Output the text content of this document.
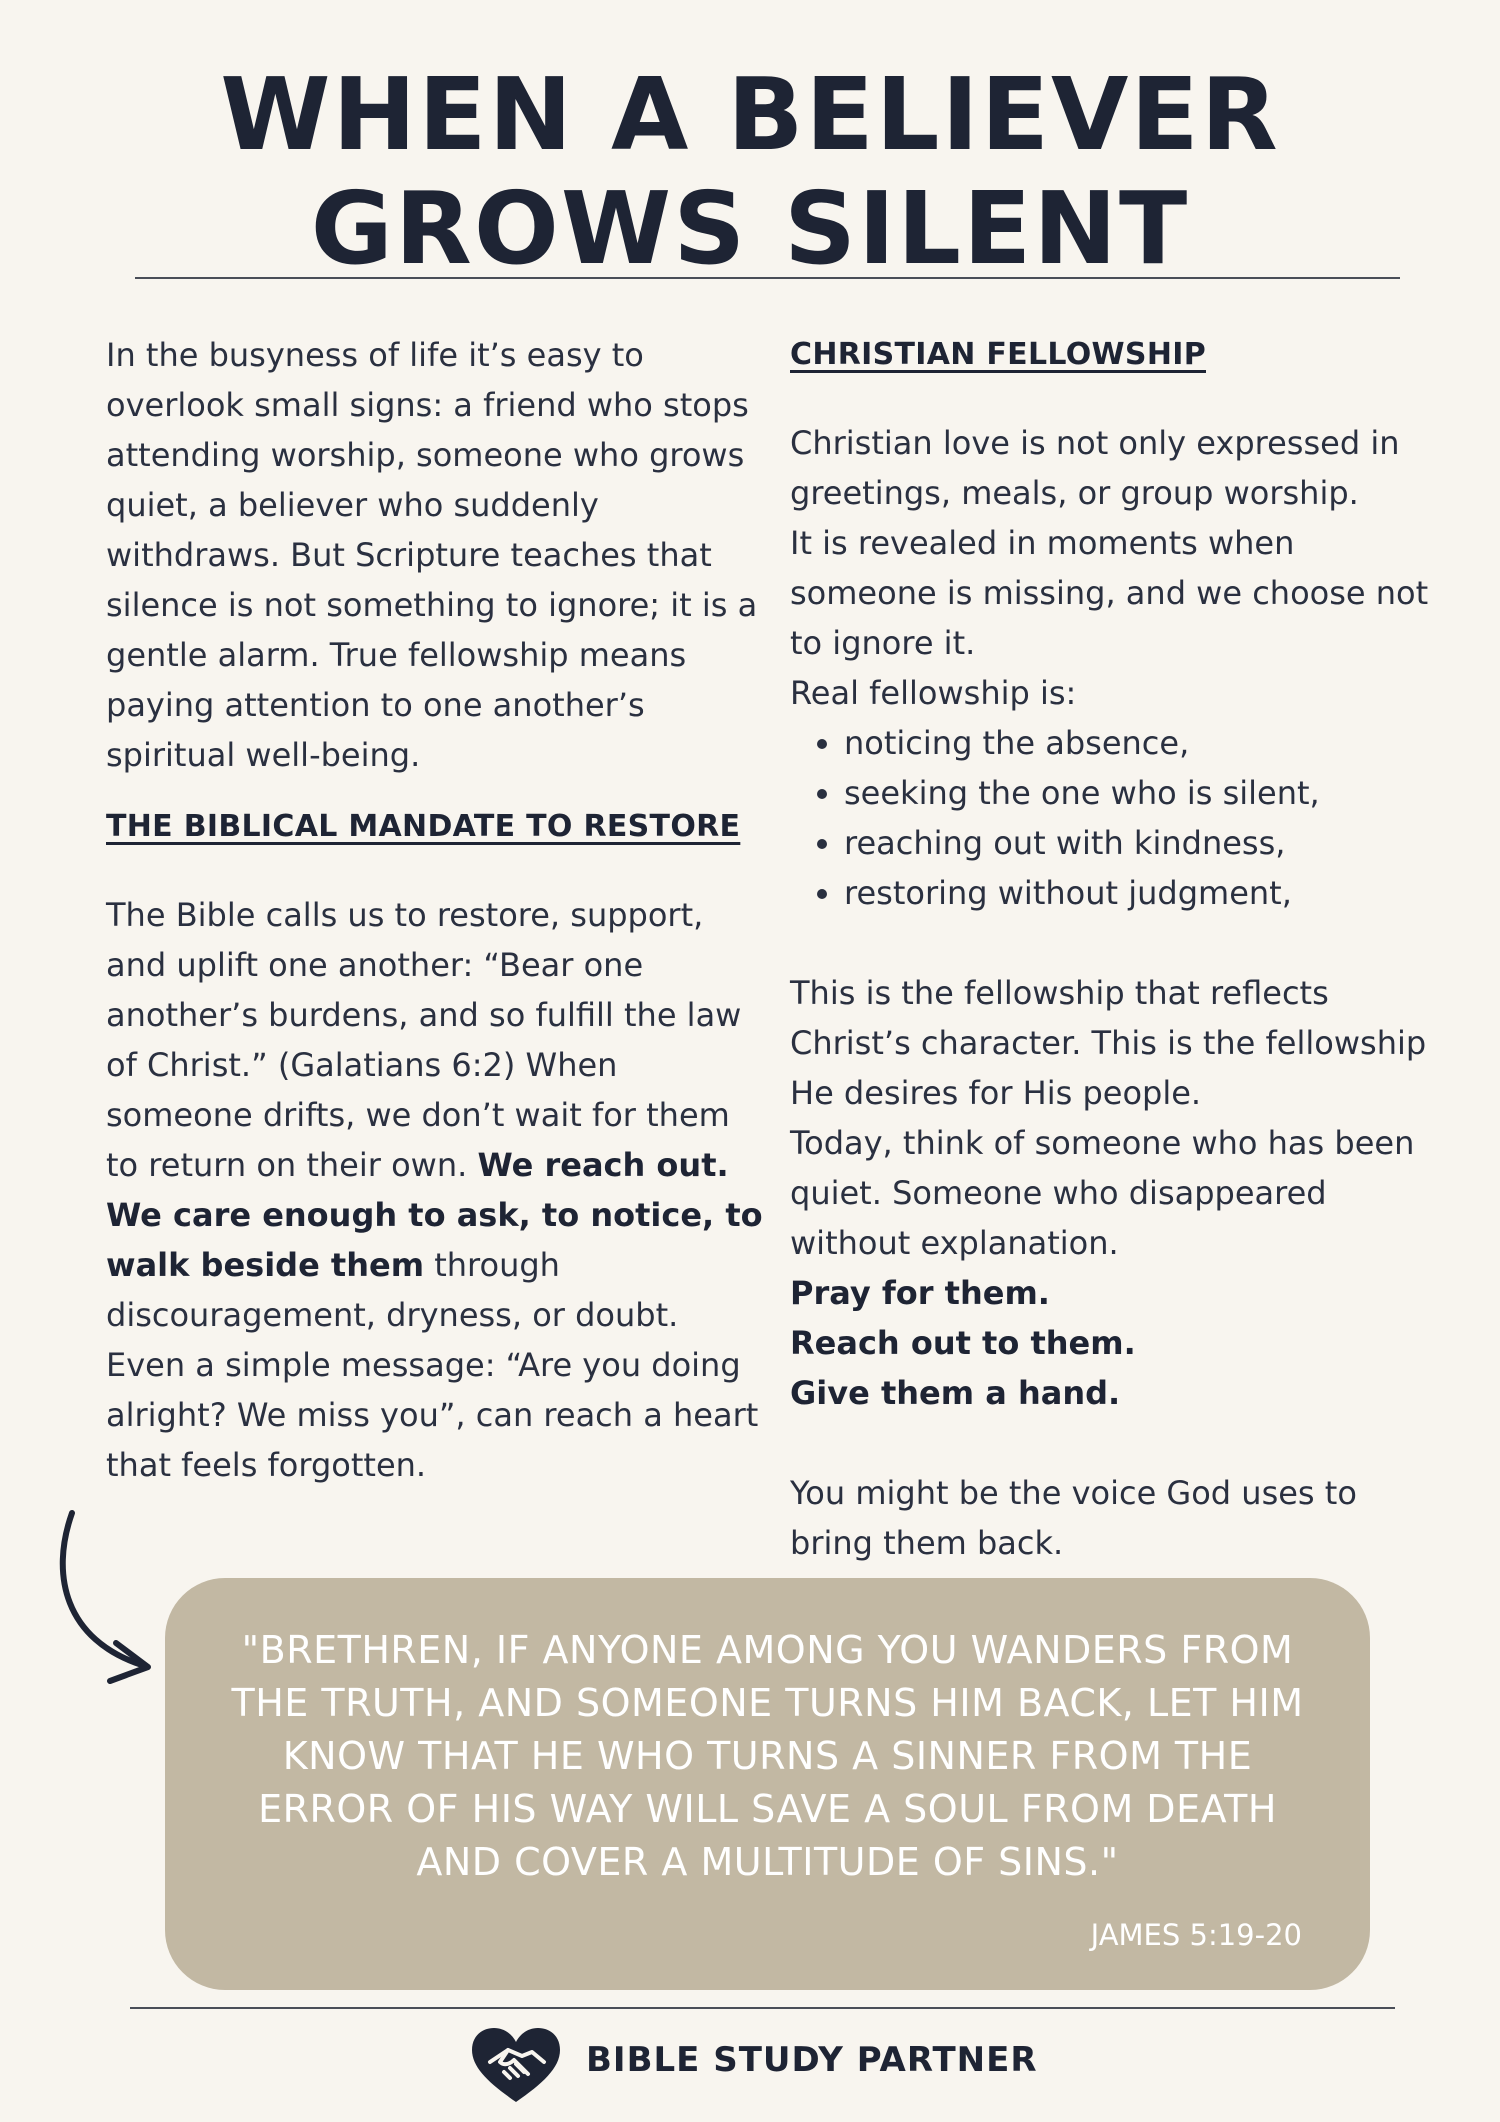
WHEN A BELIEVER
GROWS SILENT

In the busyness of life it’s easy to overlook small signs: a friend who stops attending worship, someone who grows quiet, a believer who suddenly withdraws. But Scripture teaches that silence is not something to ignore; it is a gentle alarm. True fellowship means paying attention to one another’s spiritual well-being.

THE BIBLICAL MANDATE TO RESTORE

The Bible calls us to restore, support, and uplift one another: “Bear one another’s burdens, and so fulfill the law of Christ.” (Galatians 6:2) When someone drifts, we don’t wait for them to return on their own. We reach out. We care enough to ask, to notice, to walk beside them through discouragement, dryness, or doubt. Even a simple message: “Are you doing alright? We miss you”, can reach a heart that feels forgotten.

CHRISTIAN FELLOWSHIP

Christian love is not only expressed in greetings, meals, or group worship.

It is revealed in moments when someone is missing, and we choose not to ignore it.

Real fellowship is:

• noticing the absence,
• seeking the one who is silent,
• reaching out with kindness,
• restoring without judgment,

This is the fellowship that reflects Christ’s character. This is the fellowship He desires for His people.

Today, think of someone who has been quiet. Someone who disappeared without explanation.

Pray for them.

Reach out to them.

Give them a hand.

You might be the voice God uses to bring them back.

"BRETHREN, IF ANYONE AMONG YOU WANDERS FROM THE TRUTH, AND SOMEONE TURNS HIM BACK, LET HIM KNOW THAT HE WHO TURNS A SINNER FROM THE ERROR OF HIS WAY WILL SAVE A SOUL FROM DEATH AND COVER A MULTITUDE OF SINS."

JAMES 5:19-20

BIBLE STUDY PARTNER
